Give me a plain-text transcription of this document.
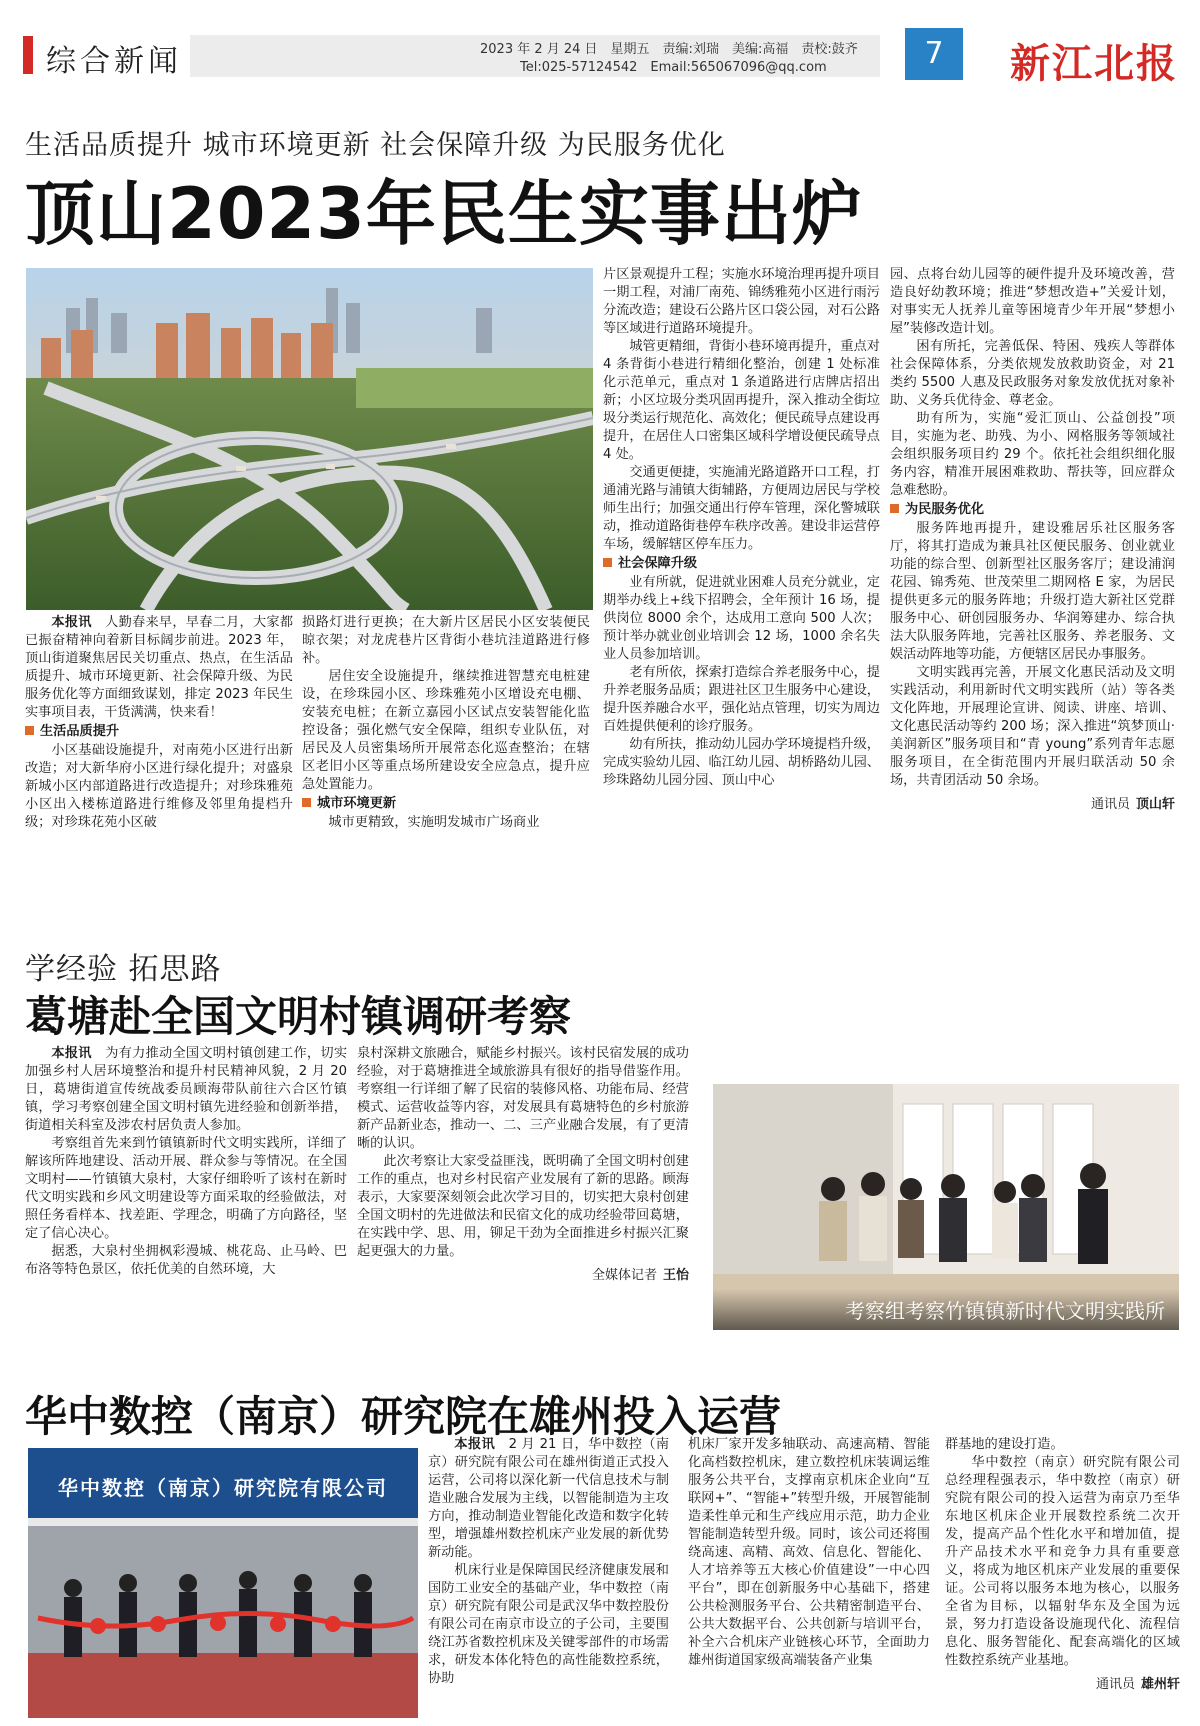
综合新闻	2023 年 2 月 24 日　星期五　责编:刘瑞　美编:高福　责校:鼓齐
Tel:025-57124542　Email:565067096@qq.com	7	新江北报
生活品质提升 城市环境更新 社会保障升级 为民服务优化
顶山2023年民生实事出炉

本报讯　 人勤春来早，早春二月，大家都已振奋精神向着新目标阔步前进。2023 年，顶山街道聚焦居民关切重点、热点，在生活品质提升、城市环境更新、社会保障升级、为民服务优化等方面细致谋划，排定 2023 年民生实事项目表，干货满满，快来看！

生活品质提升

小区基础设施提升，对南苑小区进行出新改造；对大新华府小区进行绿化提升；对盛泉新城小区内部道路进行改造提升；对珍珠雅苑小区出入楼栋道路进行维修及邻里角提档升级；对珍珠花苑小区破

损路灯进行更换；在大新片区居民小区安装便民晾衣架；对龙虎巷片区背街小巷坑洼道路进行修补。

居住安全设施提升，继续推进智慧充电桩建设，在珍珠园小区、珍珠雅苑小区增设充电棚、安装充电桩；在新立嘉园小区试点安装智能化监控设备；强化燃气安全保障，组织专业队伍，对居民及人员密集场所开展常态化巡查整治；在辖区老旧小区等重点场所建设安全应急点，提升应急处置能力。

城市环境更新

城市更精致，实施明发城市广场商业

片区景观提升工程；实施水环境治理再提升项目一期工程，对浦厂南苑、锦绣雅苑小区进行雨污分流改造；建设石公路片区口袋公园，对石公路等区域进行道路环境提升。

城管更精细，背街小巷环境再提升，重点对 4 条背街小巷进行精细化整治，创建 1 处标准化示范单元，重点对 1 条道路进行店牌店招出新；小区垃圾分类巩固再提升，深入推动全街垃圾分类运行规范化、高效化；便民疏导点建设再提升，在居住人口密集区域科学增设便民疏导点 4 处。

交通更便捷，实施浦光路道路开口工程，打通浦光路与浦镇大街辅路，方便周边居民与学校师生出行；加强交通出行停车管理，深化警城联动，推动道路街巷停车秩序改善。建设非运营停车场，缓解辖区停车压力。

社会保障升级

业有所就，促进就业困难人员充分就业，定期举办线上+线下招聘会，全年预计 16 场，提供岗位 8000 余个，达成用工意向 500 人次；预计举办就业创业培训会 12 场，1000 余名失业人员参加培训。

老有所依，探索打造综合养老服务中心，提升养老服务品质；跟进社区卫生服务中心建设，提升医养融合水平，强化站点管理，切实为周边百姓提供便利的诊疗服务。

幼有所扶，推动幼儿园办学环境提档升级，完成实验幼儿园、临江幼儿园、胡桥路幼儿园、珍珠路幼儿园分园、顶山中心

园、点将台幼儿园等的硬件提升及环境改善，营造良好幼教环境；推进“梦想改造+”关爱计划，对事实无人抚养儿童等困境青少年开展“梦想小屋”装修改造计划。

困有所托，完善低保、特困、残疾人等群体社会保障体系，分类依规发放救助资金，对 21 类约 5500 人惠及民政服务对象发放优抚对象补助、义务兵优待金、尊老金。

助有所为，实施“爱汇顶山、公益创投”项目，实施为老、助残、为小、网格服务等领域社会组织服务项目约 29 个。依托社会组织细化服务内容，精准开展困难救助、帮扶等，回应群众急难愁盼。

为民服务优化

服务阵地再提升，建设雅居乐社区服务客厅，将其打造成为兼具社区便民服务、创业就业功能的综合型、创新型社区服务客厅；建设浦润花园、锦秀苑、世茂荣里二期网格 E 家，为居民提供更多元的服务阵地；升级打造大新社区党群服务中心、研创园服务办、华润筹建办、综合执法大队服务阵地，完善社区服务、养老服务、文娱活动阵地等功能，方便辖区居民办事服务。

文明实践再完善，开展文化惠民活动及文明实践活动，利用新时代文明实践所（站）等各类文化阵地，开展理论宣讲、阅读、讲座、培训、文化惠民活动等约 200 场；深入推进“筑梦顶山·美润新区”服务项目和“青 young”系列青年志愿服务项目，在全街范围内开展归联活动 50 余场，共青团活动 50 余场。

通讯员 顶山轩
学经验 拓思路
葛塘赴全国文明村镇调研考察

本报讯　 为有力推动全国文明村镇创建工作，切实加强乡村人居环境整治和提升村民精神风貌，2 月 20 日，葛塘街道宣传统战委员顾海带队前往六合区竹镇镇，学习考察创建全国文明村镇先进经验和创新举措，街道相关科室及涉农村居负责人参加。

考察组首先来到竹镇镇新时代文明实践所，详细了解该所阵地建设、活动开展、群众参与等情况。在全国文明村——竹镇镇大泉村，大家仔细聆听了该村在新时代文明实践和乡风文明建设等方面采取的经验做法，对照任务看样本、找差距、学理念，明确了方向路径，坚定了信心决心。

据悉，大泉村坐拥枫彩漫城、桃花岛、止马岭、巴布洛等特色景区，依托优美的自然环境，大

泉村深耕文旅融合，赋能乡村振兴。该村民宿发展的成功经验，对于葛塘推进全域旅游具有很好的指导借鉴作用。考察组一行详细了解了民宿的装修风格、功能布局、经营模式、运营收益等内容，对发展具有葛塘特色的乡村旅游新产品新业态，推动一、二、三产业融合发展，有了更清晰的认识。

此次考察让大家受益匪浅，既明确了全国文明村创建工作的重点，也对乡村民宿产业发展有了新的思路。顾海表示，大家要深刻领会此次学习目的，切实把大泉村创建全国文明村的先进做法和民宿文化的成功经验带回葛塘，在实践中学、思、用，铆足干劲为全面推进乡村振兴汇聚起更强大的力量。

全媒体记者 王怡
考察组考察竹镇镇新时代文明实践所
华中数控（南京）研究院在雄州投入运营
华中数控（南京）研究院有限公司

本报讯　 2 月 21 日，华中数控（南京）研究院有限公司在雄州街道正式投入运营，公司将以深化新一代信息技术与制造业融合发展为主线，以智能制造为主攻方向，推动制造业智能化改造和数字化转型，增强雄州数控机床产业发展的新优势新动能。

机床行业是保障国民经济健康发展和国防工业安全的基础产业，华中数控（南京）研究院有限公司是武汉华中数控股份有限公司在南京市设立的子公司，主要围绕江苏省数控机床及关键零部件的市场需求，研发本体化特色的高性能数控系统，协助

机床厂家开发多轴联动、高速高精、智能化高档数控机床，建立数控机床装调运维服务公共平台，支撑南京机床企业向“互联网+”、“智能+”转型升级，开展智能制造柔性单元和生产线应用示范，助力企业智能制造转型升级。同时，该公司还将围绕高速、高精、高效、信息化、智能化、人才培养等五大核心价值建设”一中心四平台”，即在创新服务中心基础下，搭建公共检测服务平台、公共精密制造平台、公共大数据平台、公共创新与培训平台，补全六合机床产业链核心环节，全面助力雄州街道国家级高端装备产业集

群基地的建设打造。

华中数控（南京）研究院有限公司总经理程强表示，华中数控（南京）研究院有限公司的投入运营为南京乃至华东地区机床企业开展数控系统二次开发，提高产品个性化水平和增加值，提升产品技术水平和竞争力具有重要意义，将成为地区机床产业发展的重要保证。公司将以服务本地为核心，以服务全省为目标，以辐射华东及全国为远景，努力打造设备设施现代化、流程信息化、服务智能化、配套高端化的区域性数控系统产业基地。

通讯员 雄州轩
